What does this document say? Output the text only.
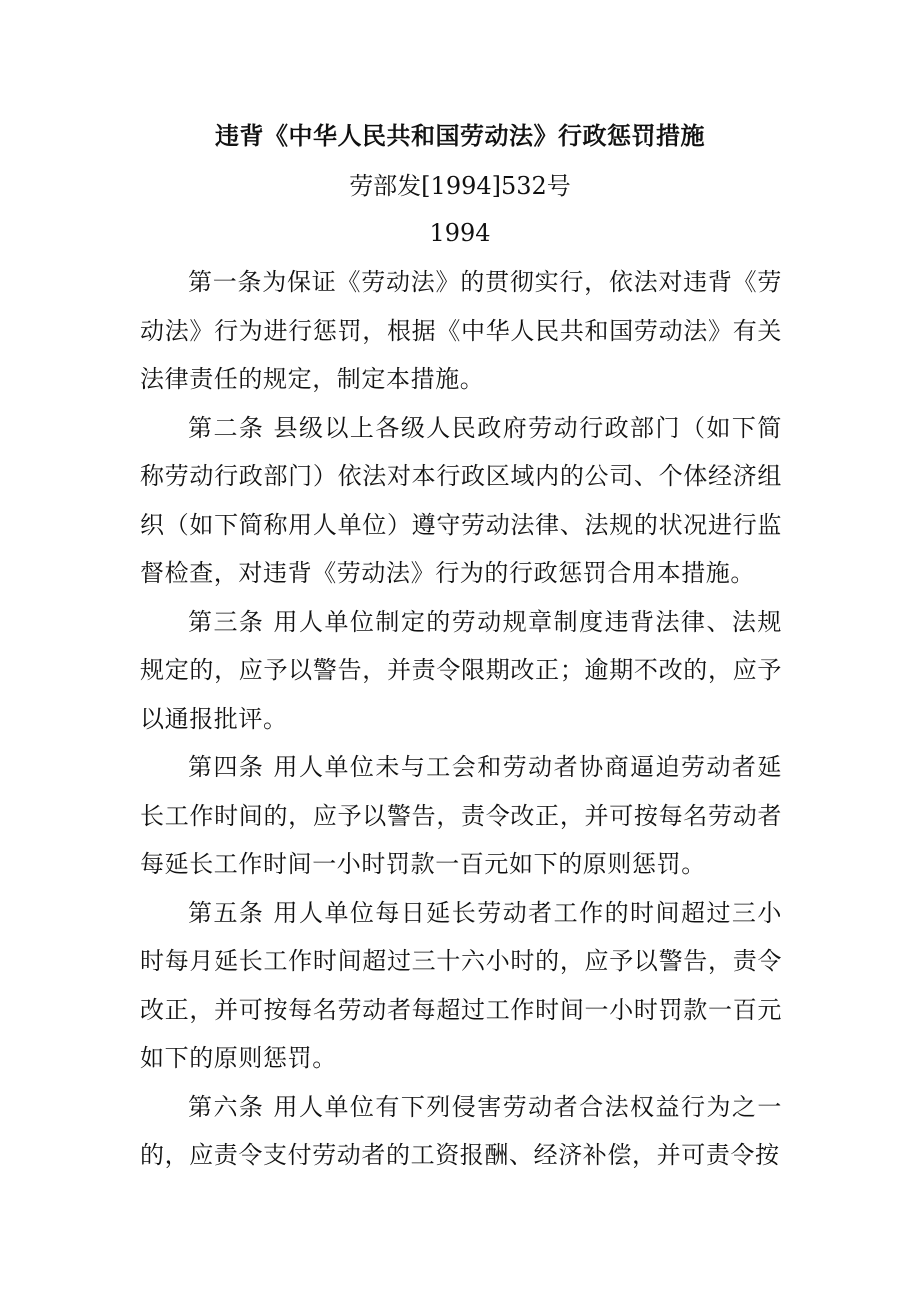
违背《中华人民共和国劳动法》行政惩罚措施
劳部发[1994]532号
1994

第一条为保证《劳动法》的贯彻实行，依法对违背《劳动法》行为进行惩罚，根据《中华人民共和国劳动法》有关法律责任的规定，制定本措施。

第二条 县级以上各级人民政府劳动行政部门（如下简称劳动行政部门）依法对本行政区域内的公司、个体经济组织（如下简称用人单位）遵守劳动法律、法规的状况进行监督检查，对违背《劳动法》行为的行政惩罚合用本措施。

第三条 用人单位制定的劳动规章制度违背法律、法规规定的，应予以警告，并责令限期改正；逾期不改的，应予以通报批评。

第四条 用人单位未与工会和劳动者协商逼迫劳动者延长工作时间的，应予以警告，责令改正，并可按每名劳动者每延长工作时间一小时罚款一百元如下的原则惩罚。

第五条 用人单位每日延长劳动者工作的时间超过三小时每月延长工作时间超过三十六小时的，应予以警告，责令改正，并可按每名劳动者每超过工作时间一小时罚款一百元如下的原则惩罚。

第六条 用人单位有下列侵害劳动者合法权益行为之一的，应责令支付劳动者的工资报酬、经济补偿，并可责令按
